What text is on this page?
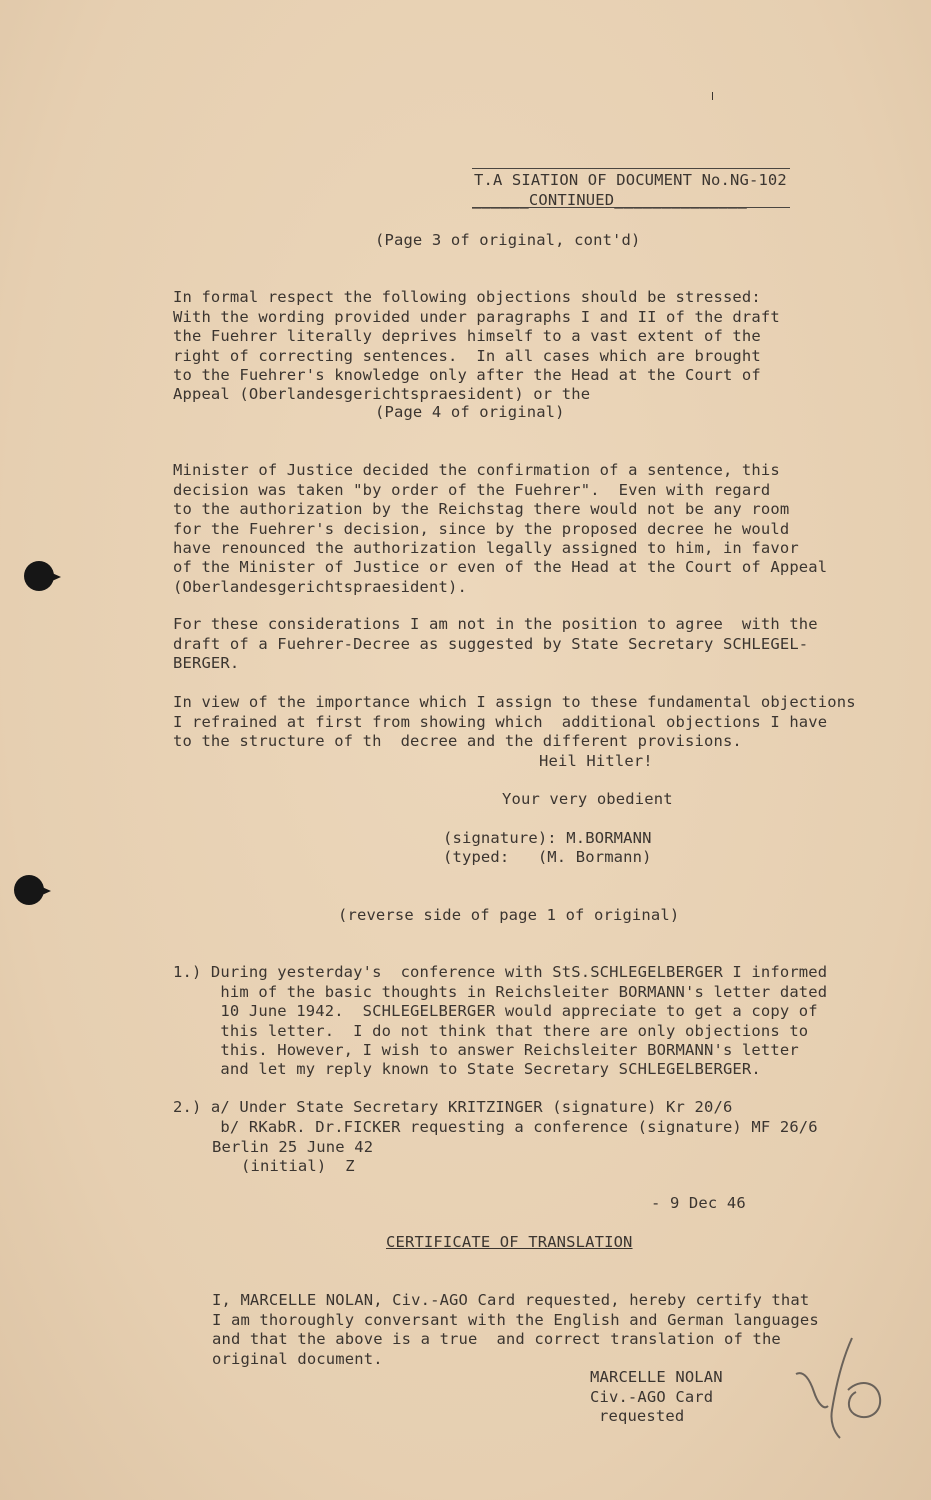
T.A SIATION OF DOCUMENT No.NG-102
______CONTINUED______________
(Page 3 of original, cont'd)

In formal respect the following objections should be stressed:
With the wording provided under paragraphs I and II of the draft
the Fuehrer literally deprives himself to a vast extent of the
right of correcting sentences.  In all cases which are brought
to the Fuehrer's knowledge only after the Head at the Court of
Appeal (Oberlandesgerichtspraesident) or the

(Page 4 of original)

Minister of Justice decided the confirmation of a sentence, this
decision was taken "by order of the Fuehrer".  Even with regard
to the authorization by the Reichstag there would not be any room
for the Fuehrer's decision, since by the proposed decree he would
have renounced the authorization legally assigned to him, in favor
of the Minister of Justice or even of the Head at the Court of Appeal
(Oberlandesgerichtspraesident).

For these considerations I am not in the position to agree  with the
draft of a Fuehrer-Decree as suggested by State Secretary SCHLEGEL-
BERGER.

In view of the importance which I assign to these fundamental objections
I refrained at first from showing which  additional objections I have
to the structure of th  decree and the different provisions.

Heil Hitler!
Your very obedient
(signature): M.BORMANN
(typed:   (M. Bormann)
(reverse side of page 1 of original)

1.) During yesterday's  conference with StS.SCHLEGELBERGER I informed
him of the basic thoughts in Reichsleiter BORMANN's letter dated
10 June 1942.  SCHLEGELBERGER would appreciate to get a copy of
this letter.  I do not think that there are only objections to
this. However, I wish to answer Reichsleiter BORMANN's letter
and let my reply known to State Secretary SCHLEGELBERGER.

2.) a/ Under State Secretary KRITZINGER (signature) Kr 20/6
b/ RKabR. Dr.FICKER requesting a conference (signature) MF 26/6

Berlin 25 June 42
(initial)  Z
- 9 Dec 46
CERTIFICATE OF TRANSLATION

I, MARCELLE NOLAN, Civ.-AGO Card requested, hereby certify that
I am thoroughly conversant with the English and German languages
and that the above is a true  and correct translation of the
original document.

MARCELLE NOLAN
Civ.-AGO Card
requested
